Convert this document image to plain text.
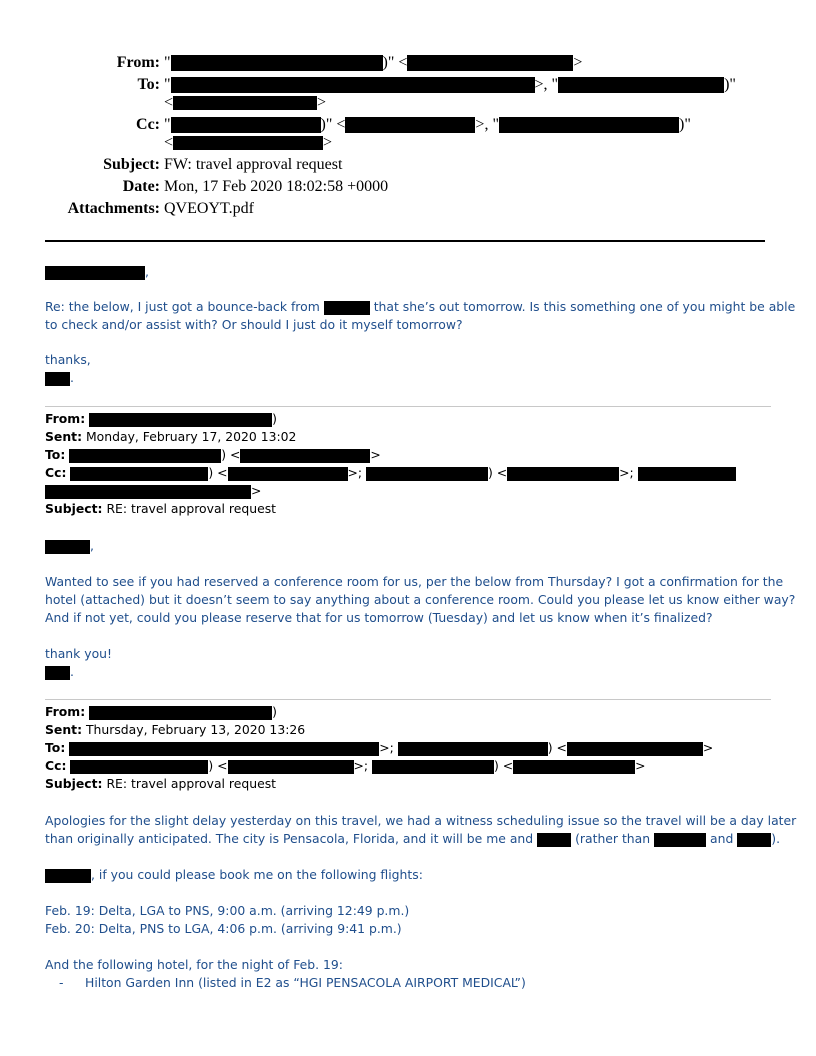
From: "	)" <	>
To: "	>, "	)"
<	>
Cc: "	)" <	>, "	)"
<	>
Subject: FW: travel approval request
Date: Mon, 17 Feb 2020 18:02:58 +0000
Attachments: QVEOYT.pdf
,
Re: the below, I just got a bounce-back from	that she’s out tomorrow. Is this something one of you might be able
to check and/or assist with? Or should I just do it myself tomorrow?
thanks,
.
From:	)
Sent: Monday, February 17, 2020 13:02
To:	) <	>
Cc:	) <	>;	) <	>;
>
Subject: RE: travel approval request
,
Wanted to see if you had reserved a conference room for us, per the below from Thursday? I got a confirmation for the
hotel (attached) but it doesn’t seem to say anything about a conference room. Could you please let us know either way?
And if not yet, could you please reserve that for us tomorrow (Tuesday) and let us know when it’s finalized?
thank you!
.
From:	)
Sent: Thursday, February 13, 2020 13:26
To:	>;	) <	>
Cc:	) <	>;	) <	>
Subject: RE: travel approval request
Apologies for the slight delay yesterday on this travel, we had a witness scheduling issue so the travel will be a day later
than originally anticipated. The city is Pensacola, Florida, and it will be me and	(rather than	and	).
, if you could please book me on the following flights:
Feb. 19: Delta, LGA to PNS, 9:00 a.m. (arriving 12:49 p.m.)
Feb. 20: Delta, PNS to LGA, 4:06 p.m. (arriving 9:41 p.m.)
And the following hotel, for the night of Feb. 19:
- Hilton Garden Inn (listed in E2 as “HGI PENSACOLA AIRPORT MEDICAL”)
